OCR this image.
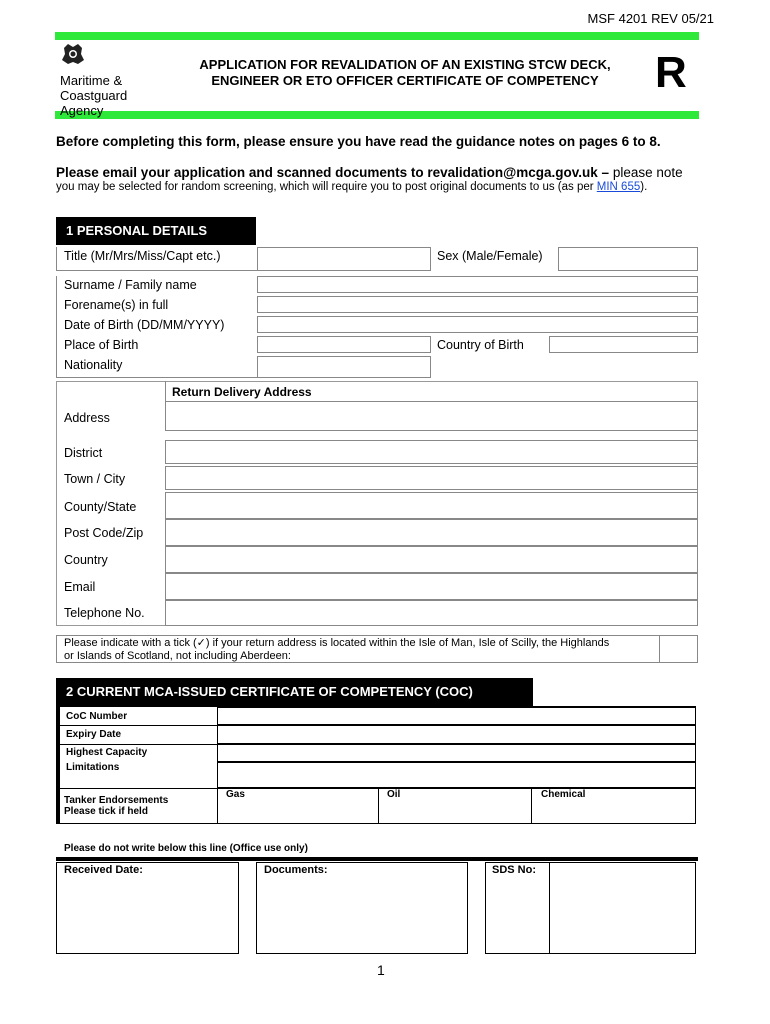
MSF 4201 REV 05/21
Maritime &
Coastguard
Agency
APPLICATION FOR REVALIDATION OF AN EXISTING STCW DECK,
ENGINEER OR ETO OFFICER CERTIFICATE OF COMPETENCY	R
Before completing this form, please ensure you have read the guidance notes on pages 6 to 8.
Please email your application and scanned documents to revalidation@mcga.gov.uk – please note
you may be selected for random screening, which will require you to post original documents to us (as per MIN 655).
1 PERSONAL DETAILS
Title (Mr/Mrs/Miss/Capt etc.)	Sex (Male/Female)
Surname / Family name
Forename(s) in full
Date of Birth (DD/MM/YYYY)
Place of Birth	Country of Birth
Nationality
Return Delivery Address
Address
District
Town / City
County/State
Post Code/Zip
Country
Email
Telephone No.
Please indicate with a tick (✓) if your return address is located within the Isle of Man, Isle of Scilly, the Highlands
or Islands of Scotland, not including Aberdeen:
2 CURRENT MCA-ISSUED CERTIFICATE OF COMPETENCY (COC)
CoC Number
Expiry Date
Highest Capacity
Limitations
Tanker Endorsements
Please tick if held
Gas	Oil	Chemical
Please do not write below this line (Office use only)
Received Date:	Documents:	SDS No:
1
